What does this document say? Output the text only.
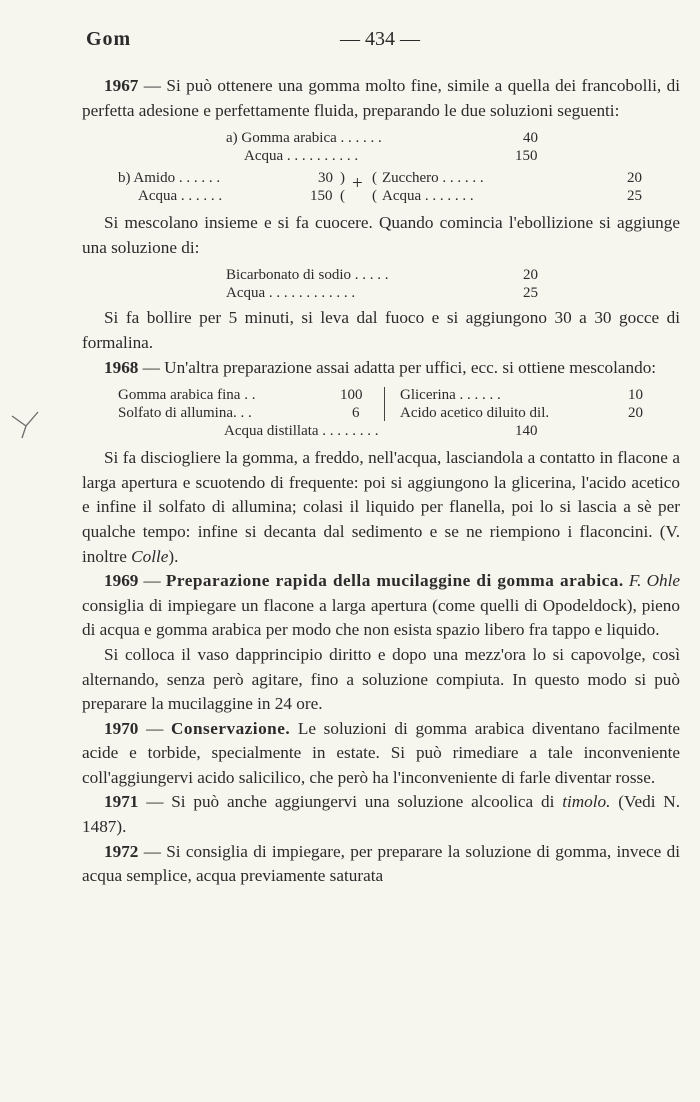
Gom	— 434 —

1967 — Si può ottenere una gomma molto fine, simile a quella dei francobolli, di perfetta adesione e perfettamente fluida, preparando le due soluzioni seguenti:

a) Gomma arabica . . . . . .	40
Acqua . . . . . . . . . .	150
b) Amido . . . . . .	30 ) ( Zucchero . . . . . .	20
Acqua . . . . . .	150 ( ( Acqua . . . . . . .	25
+

Si mescolano insieme e si fa cuocere. Quando comincia l'ebollizione si aggiunge una soluzione di:

Bicarbonato di sodio . . . . .	20
Acqua . . . . . . . . . . . .	25

Si fa bollire per 5 minuti, si leva dal fuoco e si aggiungono 30 a 30 gocce di formalina.

1968 — Un'altra preparazione assai adatta per uffici, ecc. si ottiene mescolando:

Gomma arabica fina . .	100	Glicerina . . . . . .	10
Solfato di allumina. . .	6	Acido acetico diluito dil.	20
Acqua distillata . . . . . . . .	140

Si fa disciogliere la gomma, a freddo, nell'acqua, lasciandola a contatto in flacone a larga apertura e scuotendo di frequente: poi si aggiungono la glicerina, l'acido acetico e infine il solfato di allumina; colasi il liquido per flanella, poi lo si lascia a sè per qualche tempo: infine si decanta dal sedimento e se ne riempiono i flaconcini. (V. inoltre Colle).

1969 — Preparazione rapida della mucilaggine di gomma arabica. F. Ohle consiglia di impiegare un flacone a larga apertura (come quelli di Opodeldock), pieno di acqua e gomma arabica per modo che non esista spazio libero fra tappo e liquido.

Si colloca il vaso dapprincipio diritto e dopo una mezz'ora lo si capovolge, così alternando, senza però agitare, fino a soluzione compiuta. In questo modo si può preparare la mucilaggine in 24 ore.

1970 — Conservazione. Le soluzioni di gomma arabica diventano facilmente acide e torbide, specialmente in estate. Si può rimediare a tale inconveniente coll'aggiungervi acido salicilico, che però ha l'inconveniente di farle diventar rosse.

1971 — Si può anche aggiungervi una soluzione alcoolica di timolo. (Vedi N. 1487).

1972 — Si consiglia di impiegare, per preparare la soluzione di gomma, invece di acqua semplice, acqua previamente saturata
